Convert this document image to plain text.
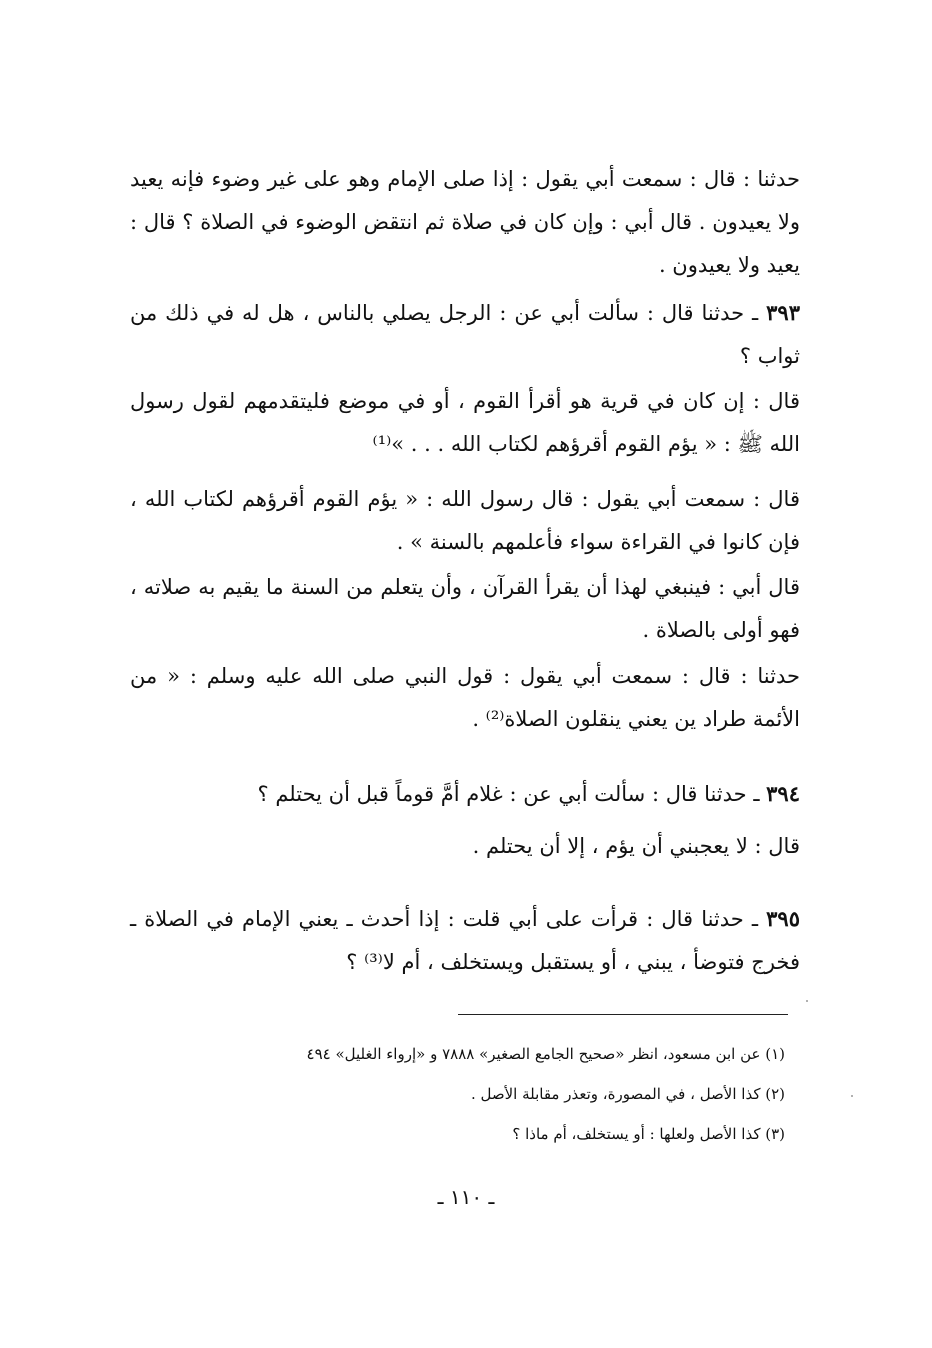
حدثنا : قال : سمعت أبي يقول : إذا صلى الإمام وهو على غير وضوء فإنه يعيد ولا يعيدون . قال أبي : وإن كان في صلاة ثم انتقض الوضوء في الصلاة ؟ قال : يعيد ولا يعيدون .

٣٩٣ ـ حدثنا قال : سألت أبي عن : الرجل يصلي بالناس ، هل له في ذلك من ثواب ؟

قال : إن كان في قرية هو أقرأ القوم ، أو في موضع فليتقدمهم لقول رسول الله ﷺ : « يؤم القوم أقرؤهم لكتاب الله . . . »⁽¹⁾

قال : سمعت أبي يقول : قال رسول الله : « يؤم القوم أقرؤهم لكتاب الله ، فإن كانوا في القراءة سواء فأعلمهم بالسنة » .

قال أبي : فينبغي لهذا أن يقرأ القرآن ، وأن يتعلم من السنة ما يقيم به صلاته ، فهو أولى بالصلاة .

حدثنا : قال : سمعت أبي يقول : قول النبي صلى الله عليه وسلم : « من الأئمة طراد ين يعني ينقلون الصلاة⁽²⁾ .

٣٩٤ ـ حدثنا قال : سألت أبي عن : غلام أمَّ قوماً قبل أن يحتلم ؟

قال : لا يعجبني أن يؤم ، إلا أن يحتلم .

٣٩٥ ـ حدثنا قال : قرأت على أبي قلت : إذا أحدث ـ يعني الإمام في الصلاة ـ فخرج فتوضأ ، يبني ، أو يستقبل ويستخلف ، أم لا⁽³⁾ ؟

(١) عن ابن مسعود، انظر «صحيح الجامع الصغير» ٧٨٨٨ و «إرواء الغليل» ٤٩٤

(٢) كذا الأصل ، في المصورة، وتعذر مقابلة الأصل .

(٣) كذا الأصل ولعلها : أو يستخلف، أم ماذا ؟

ـ ١١٠ ـ
